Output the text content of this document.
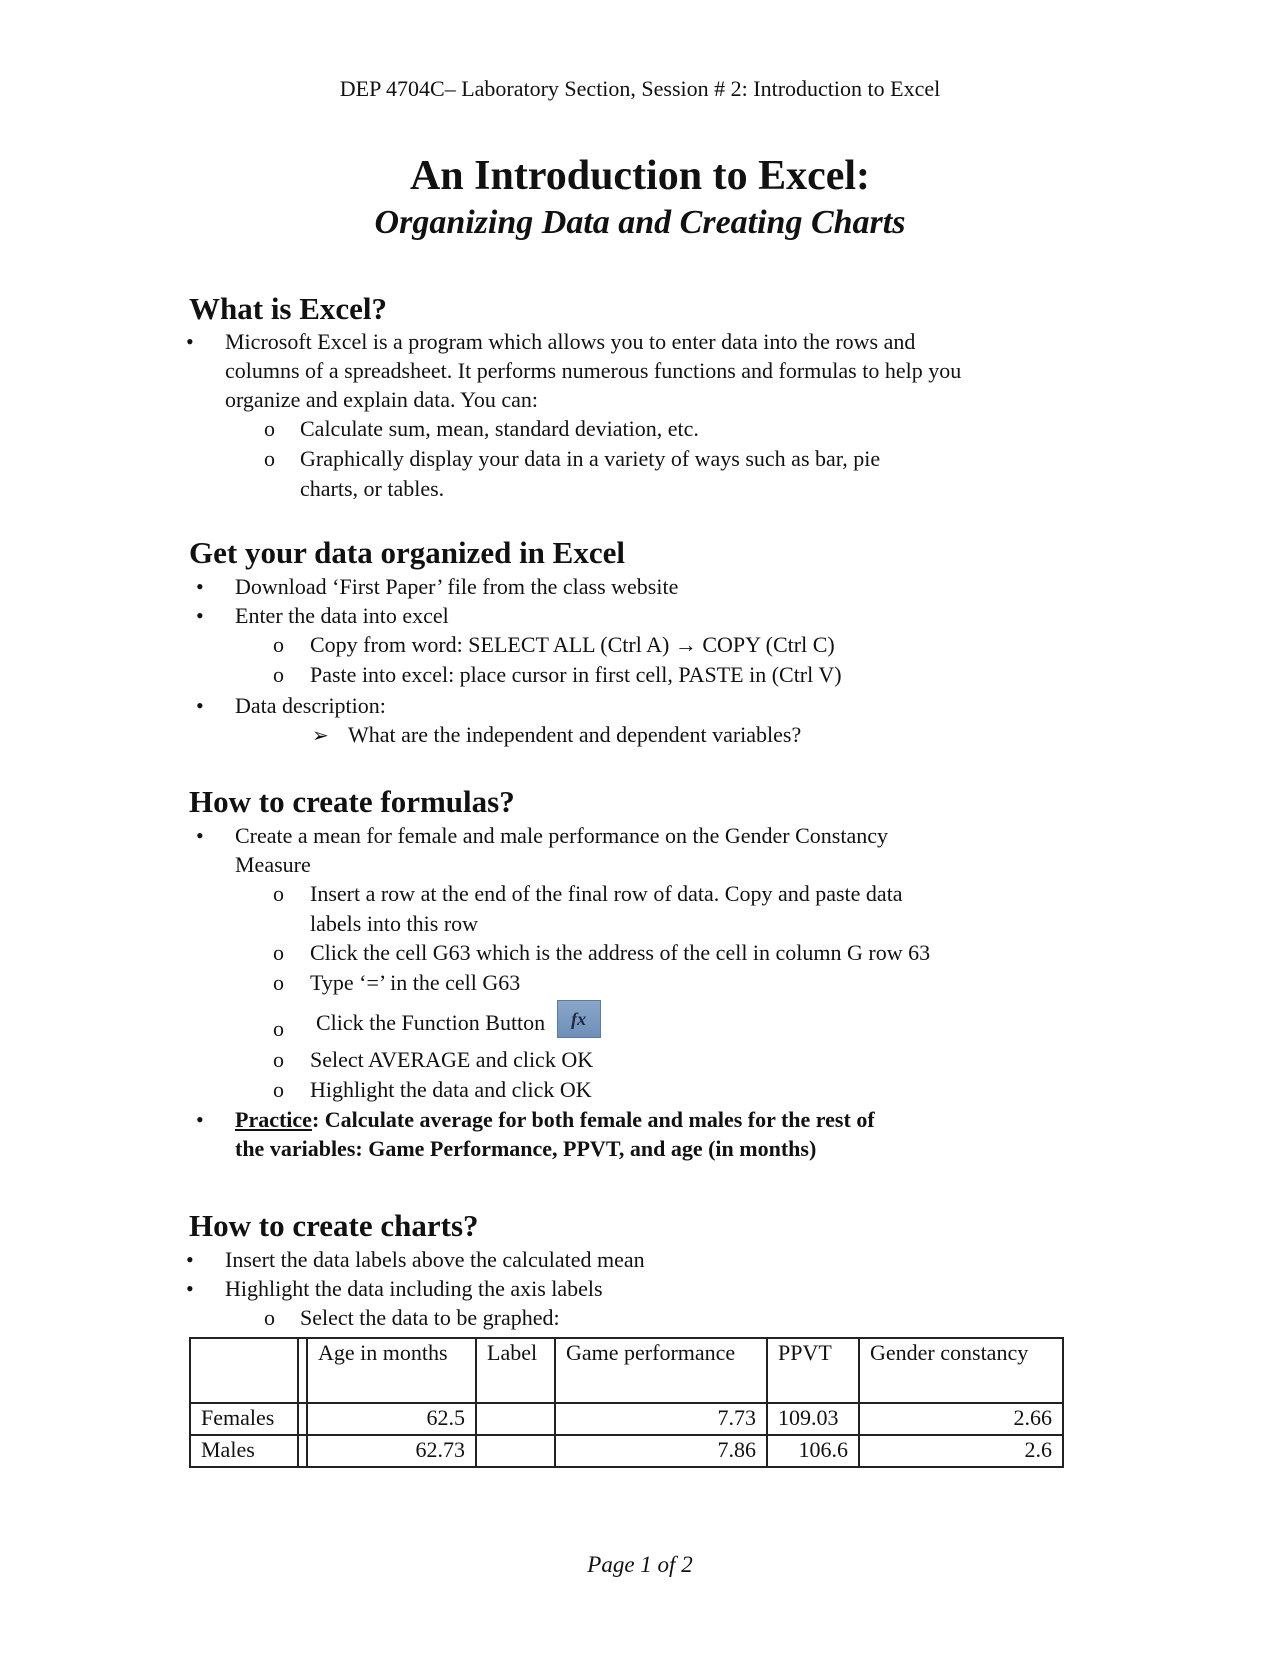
DEP 4704C– Laboratory Section, Session # 2: Introduction to Excel
An Introduction to Excel:
Organizing Data and Creating Charts
What is Excel?
• Microsoft Excel is a program which allows you to enter data into the rows and
columns of a spreadsheet. It performs numerous functions and formulas to help you
organize and explain data. You can:
o Calculate sum, mean, standard deviation, etc.
o Graphically display your data in a variety of ways such as bar, pie
charts, or tables.
Get your data organized in Excel
• Download ‘First Paper’ file from the class website
• Enter the data into excel
o Copy from word: SELECT ALL (Ctrl A) → COPY (Ctrl C)
o Paste into excel: place cursor in first cell, PASTE in (Ctrl V)
• Data description:
➢ What are the independent and dependent variables?
How to create formulas?
• Create a mean for female and male performance on the Gender Constancy
Measure
o Insert a row at the end of the final row of data. Copy and paste data
labels into this row
o Click the cell G63 which is the address of the cell in column G row 63
o Type ‘=’ in the cell G63
o Click the Function Button fx
o Select AVERAGE and click OK
o Highlight the data and click OK
• Practice: Calculate average for both female and males for the rest of
the variables: Game Performance, PPVT, and age (in months)
How to create charts?
• Insert the data labels above the calculated mean
• Highlight the data including the axis labels
o Select the data to be graphed:
		Age in months	Label	Game performance	PPVT	Gender constancy
Females		62.5		7.73	109.03	2.66
Males		62.73		7.86	106.6	2.6
Page 1 of 2
